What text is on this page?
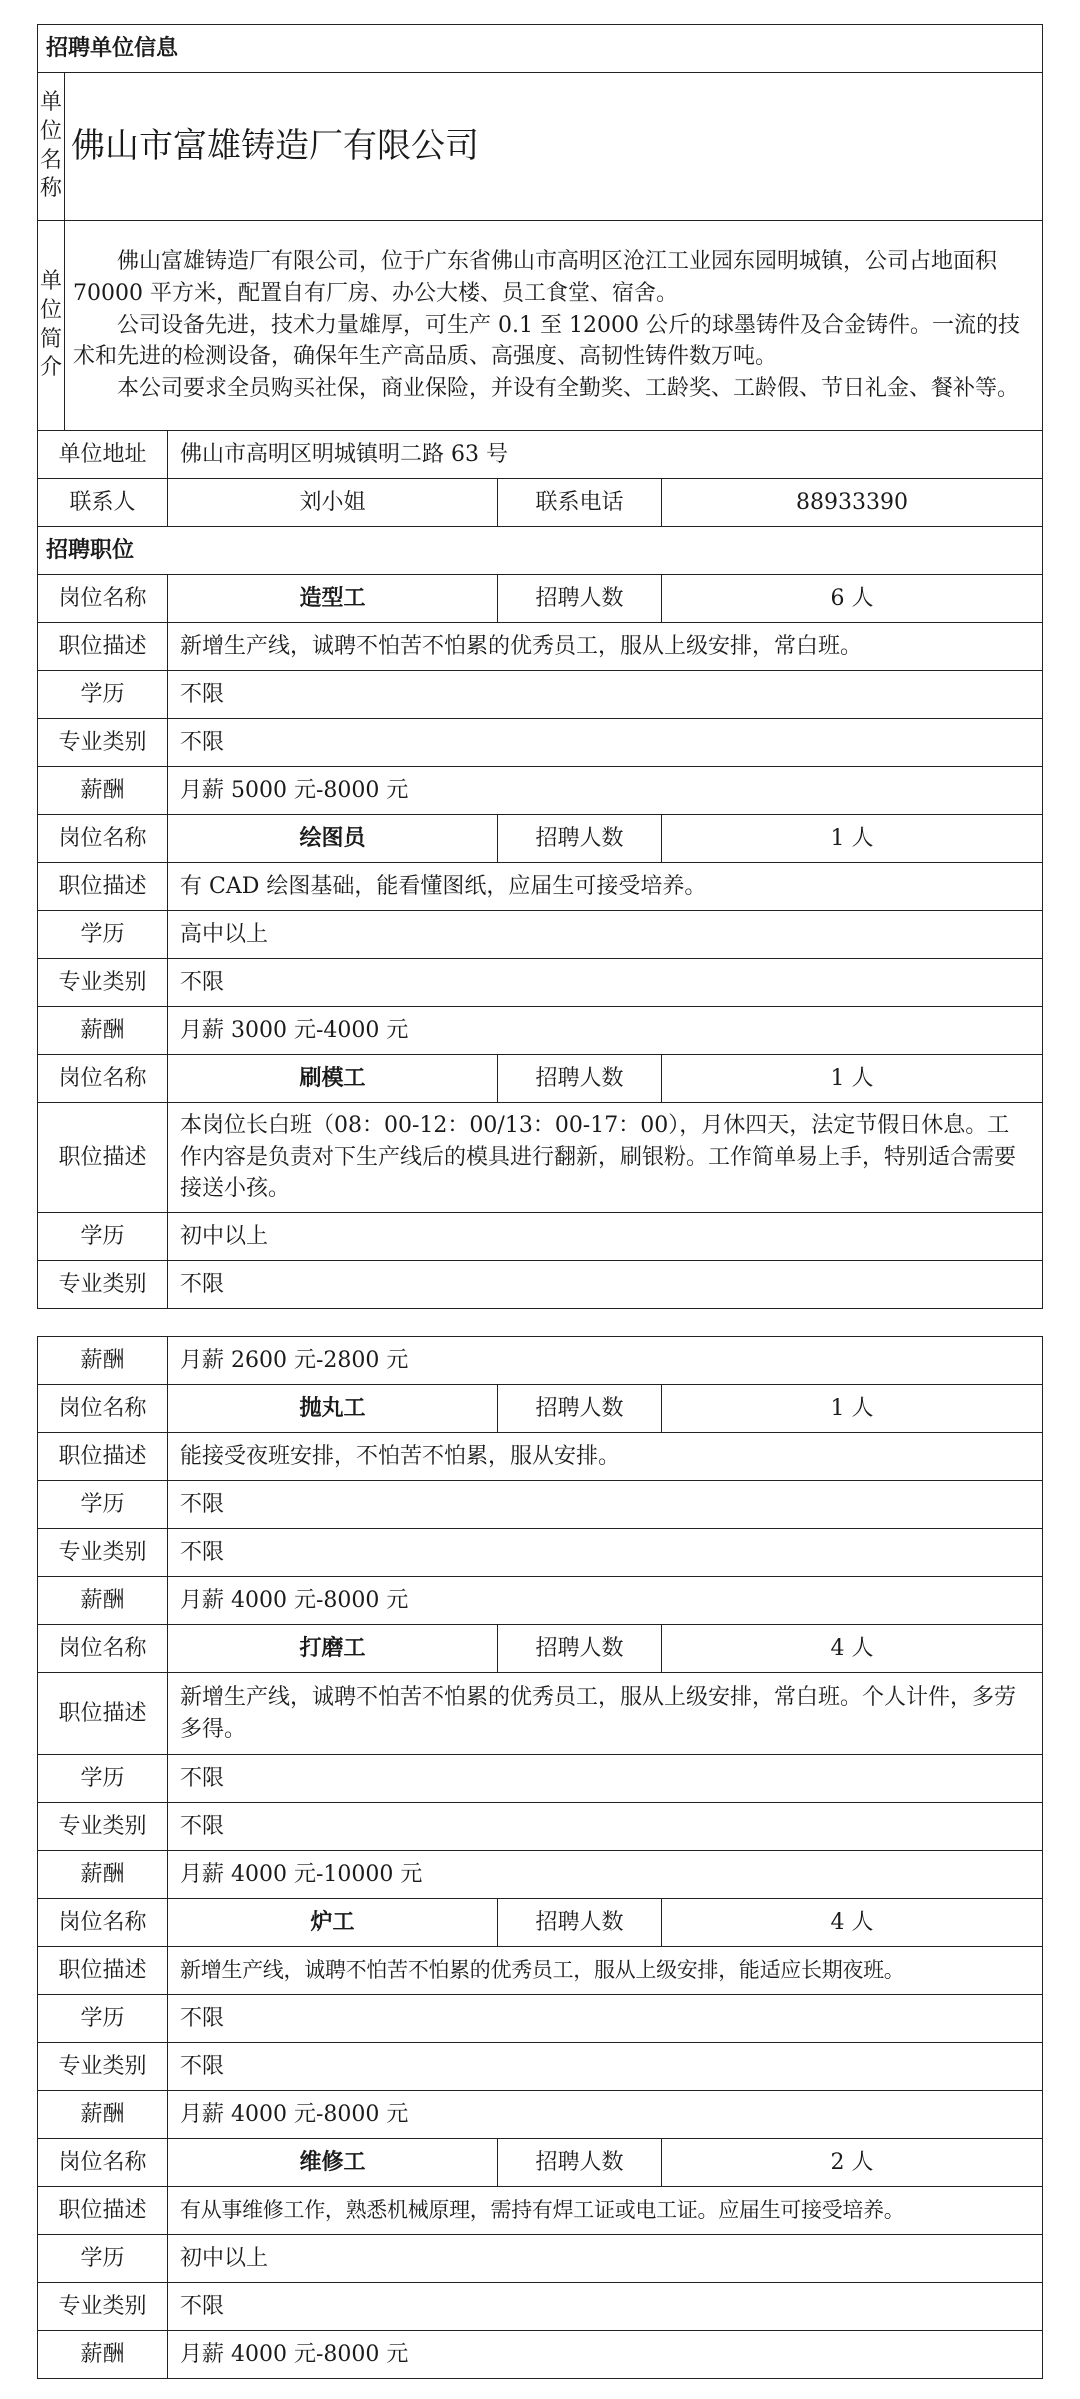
招聘单位信息				

单位名称	佛山市富雄铸造厂有限公司			

单位简介	佛山富雄铸造厂有限公司，位于广东省佛山市高明区沧江工业园东园明城镇，公司占地面积 70000 平方米，配置自有厂房、办公大楼、员工食堂、宿舍。

公司设备先进，技术力量雄厚，可生产 0.1 至 12000 公斤的球墨铸件及合金铸件。一流的技术和先进的检测设备，确保年生产高品质、高强度、高韧性铸件数万吨。

本公司要求全员购买社保，商业保险，并设有全勤奖、工龄奖、工龄假、节日礼金、餐补等。			

单位地址		佛山市高明区明城镇明二路 63 号		
联系人		刘小姐	联系电话	88933390
招聘职位				
岗位名称		造型工	招聘人数	6 人
职位描述		新增生产线，诚聘不怕苦不怕累的优秀员工，服从上级安排，常白班。		
学历		不限		
专业类别		不限		
薪酬		月薪 5000 元-8000 元		
岗位名称		绘图员	招聘人数	1 人
职位描述		有 CAD 绘图基础，能看懂图纸，应届生可接受培养。		
学历		高中以上		
专业类别		不限		
薪酬		月薪 3000 元-4000 元		
岗位名称		刷模工	招聘人数	1 人
职位描述		本岗位长白班（08：00-12：00/13：00-17：00），月休四天，法定节假日休息。工作内容是负责对下生产线后的模具进行翻新，刷银粉。工作简单易上手，特别适合需要接送小孩。		
学历		初中以上		
专业类别		不限		
薪酬	月薪 2600 元-2800 元		
岗位名称	抛丸工	招聘人数	1 人
职位描述	能接受夜班安排，不怕苦不怕累，服从安排。		
学历	不限		
专业类别	不限		
薪酬	月薪 4000 元-8000 元		
岗位名称	打磨工	招聘人数	4 人
职位描述	新增生产线，诚聘不怕苦不怕累的优秀员工，服从上级安排，常白班。个人计件，多劳多得。		
学历	不限		
专业类别	不限		
薪酬	月薪 4000 元-10000 元		
岗位名称	炉工	招聘人数	4 人
职位描述	新增生产线，诚聘不怕苦不怕累的优秀员工，服从上级安排，能适应长期夜班。		
学历	不限		
专业类别	不限		
薪酬	月薪 4000 元-8000 元		
岗位名称	维修工	招聘人数	2 人
职位描述	有从事维修工作，熟悉机械原理，需持有焊工证或电工证。应届生可接受培养。		
学历	初中以上		
专业类别	不限		
薪酬	月薪 4000 元-8000 元		
